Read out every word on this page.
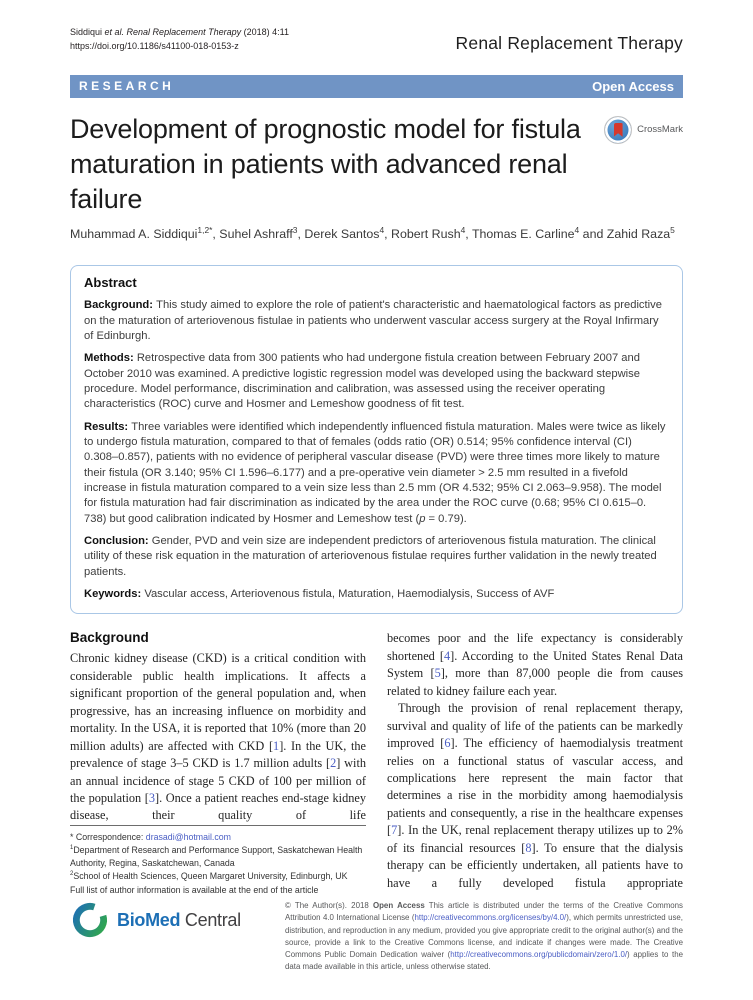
Siddiqui et al. Renal Replacement Therapy (2018) 4:11
https://doi.org/10.1186/s41100-018-0153-z	Renal Replacement Therapy
RESEARCH	Open Access
Development of prognostic model for fistula maturation in patients with advanced renal failure
CrossMark
Muhammad A. Siddiqui$^{1,2*}$, Suhel Ashraff$^3$, Derek Santos$^4$, Robert Rush$^4$, Thomas E. Carline$^4$ and Zahid Raza$^5$
Abstract

Background: This study aimed to explore the role of patient's characteristic and haematological factors as predictive on the maturation of arteriovenous fistulae in patients who underwent vascular access surgery at the Royal Infirmary of Edinburgh.

Methods: Retrospective data from 300 patients who had undergone fistula creation between February 2007 and October 2010 was examined. A predictive logistic regression model was developed using the backward stepwise procedure. Model performance, discrimination and calibration, was assessed using the receiver operating characteristics (ROC) curve and Hosmer and Lemeshow goodness of fit test.

Results: Three variables were identified which independently influenced fistula maturation. Males were twice as likely to undergo fistula maturation, compared to that of females (odds ratio (OR) 0.514; 95% confidence interval (CI) 0.308–0.857), patients with no evidence of peripheral vascular disease (PVD) were three times more likely to mature their fistula (OR 3.140; 95% CI 1.596–6.177) and a pre-operative vein diameter > 2.5 mm resulted in a fivefold increase in fistula maturation compared to a vein size less than 2.5 mm (OR 4.532; 95% CI 2.063–9.958). The model for fistula maturation had fair discrimination as indicated by the area under the ROC curve (0.68; 95% CI 0.615–0. 738) but good calibration indicated by Hosmer and Lemeshow test (p = 0.79).

Conclusion: Gender, PVD and vein size are independent predictors of arteriovenous fistula maturation. The clinical utility of these risk equation in the maturation of arteriovenous fistulae requires further validation in the newly treated patients.

Keywords: Vascular access, Arteriovenous fistula, Maturation, Haemodialysis, Success of AVF

Background

Chronic kidney disease (CKD) is a critical condition with considerable public health implications. It affects a significant proportion of the general population and, when progressive, has an increasing influence on morbidity and mortality. In the USA, it is reported that 10% (more than 20 million adults) are affected with CKD [1]. In the UK, the prevalence of stage 3–5 CKD is 1.7 million adults [2] with an annual incidence of stage 5 CKD of 100 per million of the population [3]. Once a patient reaches end-stage kidney disease, their quality of life

* Correspondence: drasadi@hotmail.com
$^1$Department of Research and Performance Support, Saskatchewan Health Authority, Regina, Saskatchewan, Canada
$^2$School of Health Sciences, Queen Margaret University, Edinburgh, UK
Full list of author information is available at the end of the article

becomes poor and the life expectancy is considerably shortened [4]. According to the United States Renal Data System [5], more than 87,000 people die from causes related to kidney failure each year.

Through the provision of renal replacement therapy, survival and quality of life of the patients can be markedly improved [6]. The efficiency of haemodialysis treatment relies on a functional status of vascular access, and complications here represent the main factor that determines a rise in the morbidity among haemodialysis patients and consequently, a rise in the healthcare expenses [7]. In the UK, renal replacement therapy utilizes up to 2% of its financial resources [8]. To ensure that the dialysis therapy can be efficiently undertaken, all patients have to have a fully developed fistula appropriate

BioMed Central
© The Author(s). 2018 Open Access This article is distributed under the terms of the Creative Commons Attribution 4.0 International License (http://creativecommons.org/licenses/by/4.0/), which permits unrestricted use, distribution, and reproduction in any medium, provided you give appropriate credit to the original author(s) and the source, provide a link to the Creative Commons license, and indicate if changes were made. The Creative Commons Public Domain Dedication waiver (http://creativecommons.org/publicdomain/zero/1.0/) applies to the data made available in this article, unless otherwise stated.
